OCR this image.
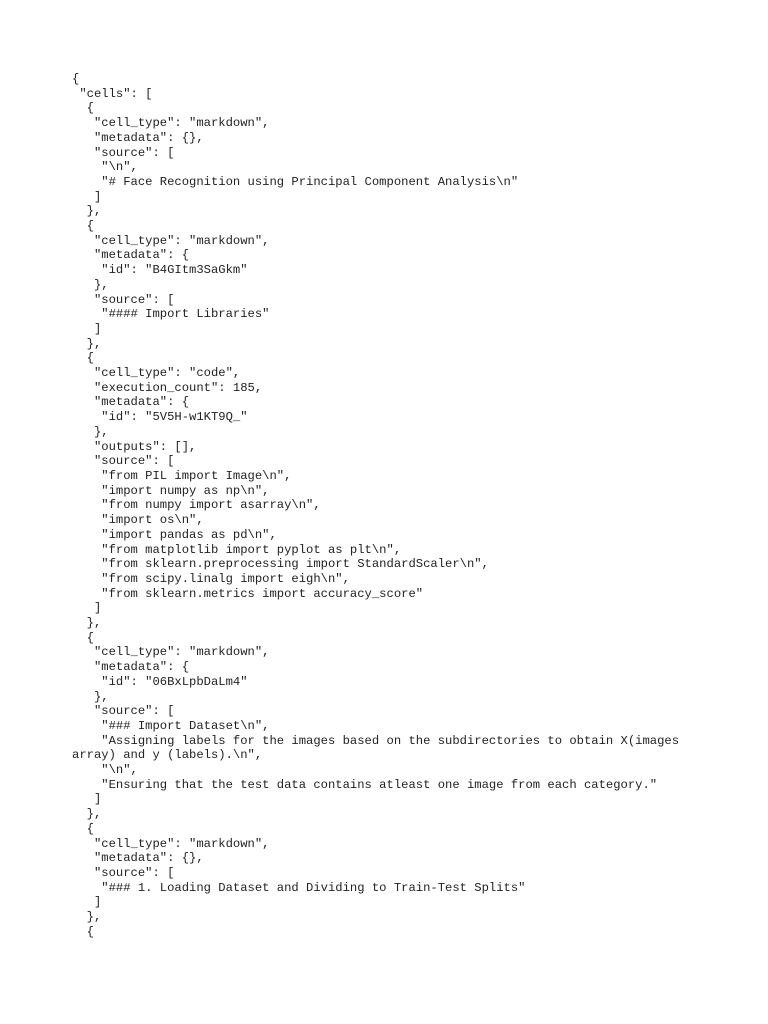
{
"cells": [
{
"cell_type": "markdown",
"metadata": {},
"source": [
"\n",
"# Face Recognition using Principal Component Analysis\n"
]
},
{
"cell_type": "markdown",
"metadata": {
"id": "B4GItm3SaGkm"
},
"source": [
"#### Import Libraries"
]
},
{
"cell_type": "code",
"execution_count": 185,
"metadata": {
"id": "5V5H-w1KT9Q_"
},
"outputs": [],
"source": [
"from PIL import Image\n",
"import numpy as np\n",
"from numpy import asarray\n",
"import os\n",
"import pandas as pd\n",
"from matplotlib import pyplot as plt\n",
"from sklearn.preprocessing import StandardScaler\n",
"from scipy.linalg import eigh\n",
"from sklearn.metrics import accuracy_score"
]
},
{
"cell_type": "markdown",
"metadata": {
"id": "06BxLpbDaLm4"
},
"source": [
"### Import Dataset\n",
"Assigning labels for the images based on the subdirectories to obtain X(images array) and y (labels).\n",
"\n",
"Ensuring that the test data contains atleast one image from each category."
]
},
{
"cell_type": "markdown",
"metadata": {},
"source": [
"### 1. Loading Dataset and Dividing to Train-Test Splits"
]
},
{
